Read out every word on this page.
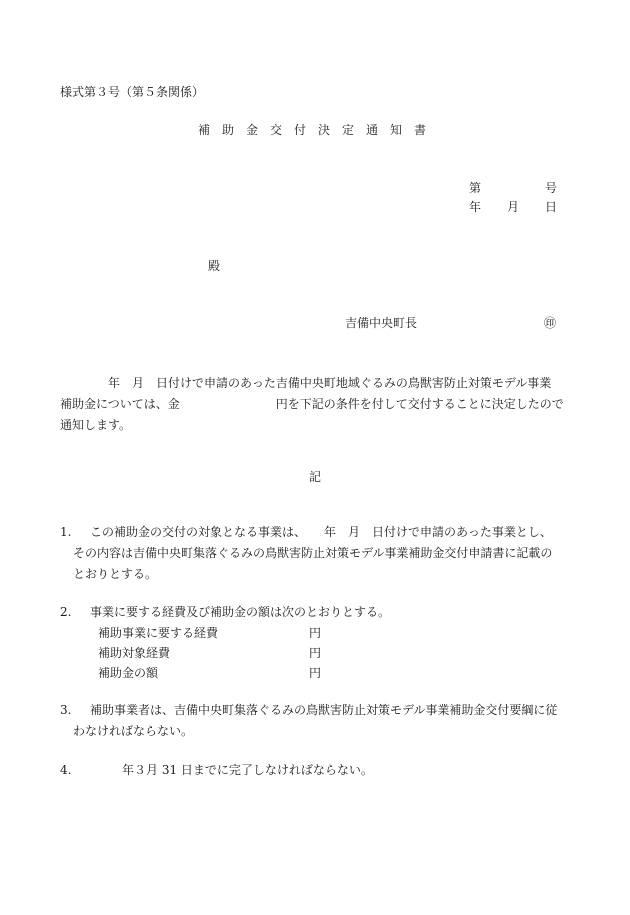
様式第３号（第５条関係）
補　助　金　交　付　決　定　通　知　書
第	号
年 月 日
殿
吉備中央町長	㊞

　　　　年　月　日付けで申請のあった吉備中央町地域ぐるみの鳥獣害防止対策モデル事業

補助金については、金　　　　　　　　円を下記の条件を付して交付することに決定したので

通知します。

記
1. この補助金の交付の対象となる事業は、　　年　月　日付けで申請のあった事業とし、

その内容は吉備中央町集落ぐるみの鳥獣害防止対策モデル事業補助金交付申請書に記載の

とおりとする。

2. 事業に要する経費及び補助金の額は次のとおりとする。
補助事業に要する経費	円
補助対象経費	円
補助金の額	円
3. 補助事業者は、吉備中央町集落ぐるみの鳥獣害防止対策モデル事業補助金交付要綱に従
わなければならない。
4.	年３月 31 日までに完了しなければならない。
